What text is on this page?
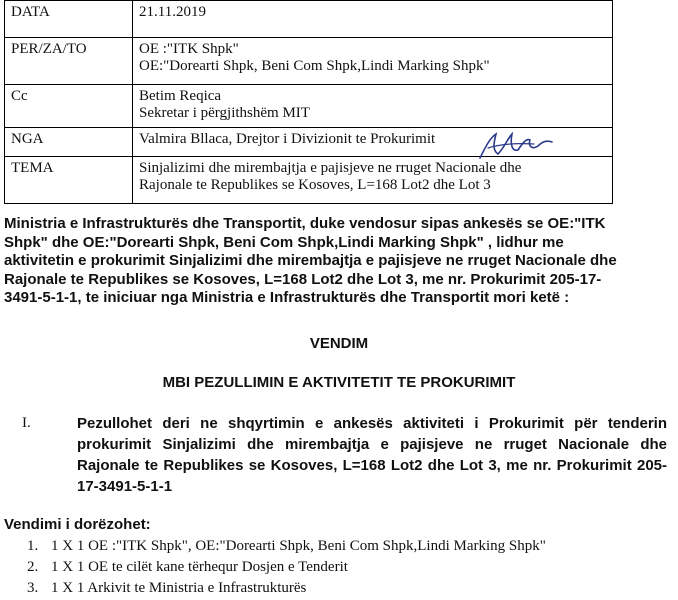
DATA	21.11.2019

PER/ZA/TO	OE :"ITK Shpk"
OE:"Dorearti Shpk, Beni Com Shpk,Lindi Marking Shpk"

Cc	Betim Reqica
Sekretar i përgjithshëm MIT

NGA	Valmira Bllaca, Drejtor i Divizionit te Prokurimit

TEMA	Sinjalizimi dhe mirembajtja e pajisjeve ne rruget Nacionale dhe
Rajonale te Republikes se Kosoves, L=168 Lot2 dhe Lot 3
Ministria e Infrastrukturës dhe Transportit, duke vendosur sipas ankesës se OE:"ITK Shpk" dhe OE:"Dorearti Shpk, Beni Com Shpk,Lindi Marking Shpk" , lidhur me aktivitetin e prokurimit Sinjalizimi dhe mirembajtja e pajisjeve ne rruget Nacionale dhe Rajonale te Republikes se Kosoves, L=168 Lot2 dhe Lot 3, me nr. Prokurimit 205-17-3491-5-1-1, te iniciuar nga Ministria e Infrastrukturës dhe Transportit mori ketë :
VENDIM
MBI PEZULLIMIN E AKTIVITETIT TE PROKURIMIT
I.	Pezullohet deri ne shqyrtimin e ankesës aktiviteti i Prokurimit për tenderin prokurimit Sinjalizimi dhe mirembajtja e pajisjeve ne rruget Nacionale dhe Rajonale te Republikes se Kosoves, L=168 Lot2 dhe Lot 3, me nr. Prokurimit 205-17-3491-5-1-1
Vendimi i dorëzohet:
1. 1 X 1 OE :"ITK Shpk", OE:"Dorearti Shpk, Beni Com Shpk,Lindi Marking Shpk"
2. 1 X 1 OE te cilët kane tërhequr Dosjen e Tenderit
3. 1 X 1 Arkivit te Ministria e Infrastrukturës
